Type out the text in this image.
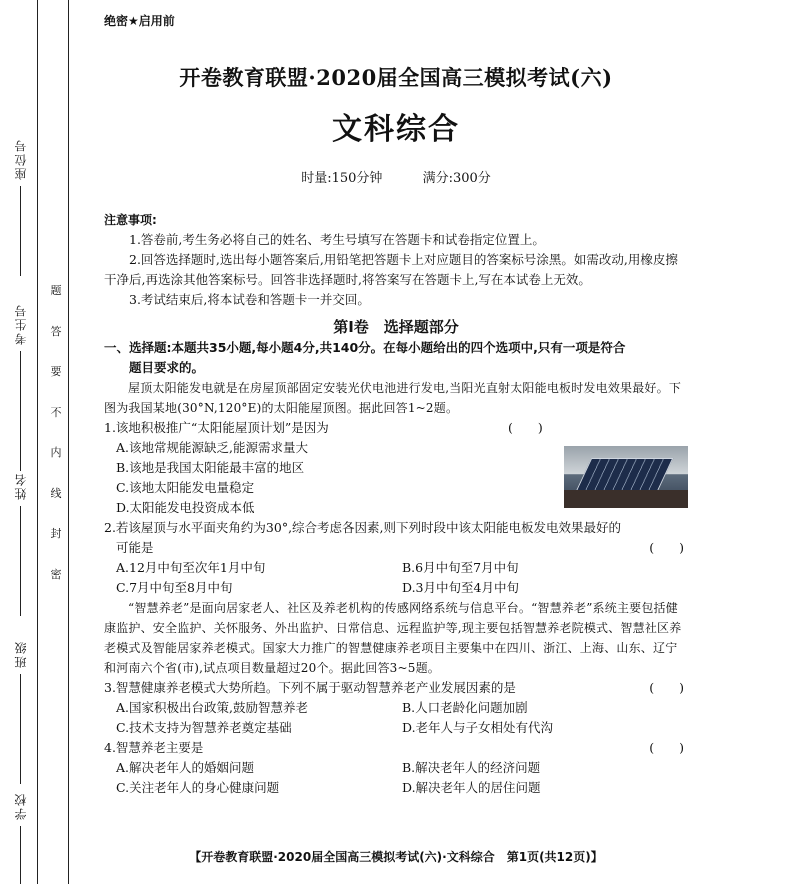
座位号
考生号
姓名
班级
学校
题
答
要
不
内
线
封
密
绝密★启用前
开卷教育联盟·2020届全国高三模拟考试(六)
文科综合
时量:150分钟	满分:300分
注意事项:
1.答卷前,考生务必将自己的姓名、考生号填写在答题卡和试卷指定位置上。
2.回答选择题时,选出每小题答案后,用铅笔把答题卡上对应题目的答案标号涂黑。如需改动,用橡皮擦干净后,再选涂其他答案标号。回答非选择题时,将答案写在答题卡上,写在本试卷上无效。
3.考试结束后,将本试卷和答题卡一并交回。
第Ⅰ卷　选择题部分
一、选择题:本题共35小题,每小题4分,共140分。在每小题给出的四个选项中,只有一项是符合
题目要求的。
屋顶太阳能发电就是在房屋顶部固定安装光伏电池进行发电,当阳光直射太阳能电板时发电效果最好。下图为我国某地(30°N,120°E)的太阳能屋顶图。据此回答1~2题。
1.该地积极推广“太阳能屋顶计划”是因为	(　　)
A.该地常规能源缺乏,能源需求量大
B.该地是我国太阳能最丰富的地区
C.该地太阳能发电量稳定
D.太阳能发电投资成本低
2.若该屋顶与水平面夹角约为30°,综合考虑各因素,则下列时段中该太阳能电板发电效果最好的
可能是	(　　)
A.12月中旬至次年1月中旬	B.6月中旬至7月中旬
C.7月中旬至8月中旬	D.3月中旬至4月中旬
“智慧养老”是面向居家老人、社区及养老机构的传感网络系统与信息平台。“智慧养老”系统主要包括健康监护、安全监护、关怀服务、外出监护、日常信息、远程监护等,现主要包括智慧养老院模式、智慧社区养老模式及智能居家养老模式。国家大力推广的智慧健康养老项目主要集中在四川、浙江、上海、山东、辽宁和河南六个省(市),试点项目数量超过20个。据此回答3~5题。
3.智慧健康养老模式大势所趋。下列不属于驱动智慧养老产业发展因素的是	(　　)
A.国家积极出台政策,鼓励智慧养老	B.人口老龄化问题加剧
C.技术支持为智慧养老奠定基础	D.老年人与子女相处有代沟
4.智慧养老主要是	(　　)
A.解决老年人的婚姻问题	B.解决老年人的经济问题
C.关注老年人的身心健康问题	D.解决老年人的居住问题
【开卷教育联盟·2020届全国高三模拟考试(六)·文科综合　第1页(共12页)】
